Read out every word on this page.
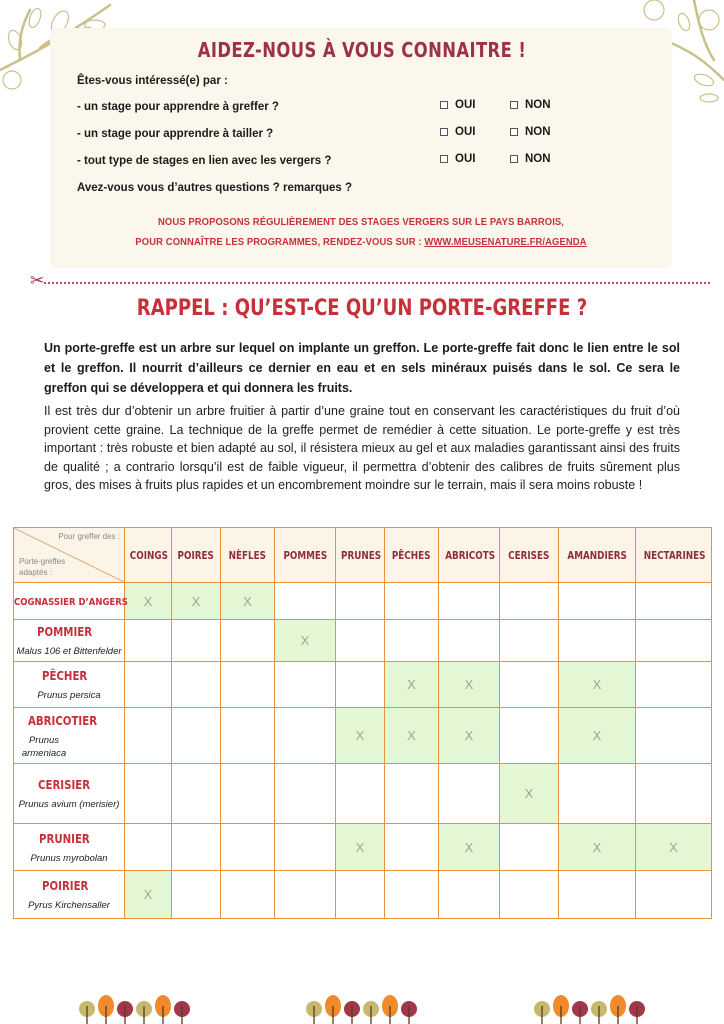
AIDEZ-NOUS À VOUS CONNAITRE !
Êtes-vous intéressé(e) par :
- un stage pour apprendre à greffer ?	OUI	NON
- un stage pour apprendre à tailler ?	OUI	NON
- tout type de stages en lien avec les vergers ?	OUI	NON
Avez-vous vous d’autres questions ? remarques ?
NOUS PROPOSONS RÉGULIÈREMENT DES STAGES VERGERS SUR LE PAYS BARROIS,
POUR CONNAÎTRE LES PROGRAMMES, RENDEZ-VOUS SUR : WWW.MEUSENATURE.FR/AGENDA
✂
RAPPEL : QU’EST-CE QU’UN PORTE-GREFFE ?
Un porte-greffe est un arbre sur lequel on implante un greffon. Le porte-greffe fait donc le lien entre le sol et le greffon. Il nourrit d’ailleurs ce dernier en eau et en sels minéraux puisés dans le sol. Ce sera le greffon qui se développera et qui donnera les fruits.
Il est très dur d’obtenir un arbre fruitier à partir d’une graine tout en conservant les caractéristiques du fruit d’où provient cette graine. La technique de la greffe permet de remédier à cette situation. Le porte-greffe y est très important : très robuste et bien adapté au sol, il résistera mieux au gel et aux maladies garantissant ainsi des fruits de qualité ; a contrario lorsqu’il est de faible vigueur, il permettra d’obtenir des calibres de fruits sûrement plus gros, des mises à fruits plus rapides et un encombrement moindre sur le terrain, mais il sera moins robuste !
Pour greffer des :
Porte-greffes
adaptés :	COINGS	POIRES	NÈFLES	POMMES	PRUNES	PÊCHES	ABRICOTS	CERISES	AMANDIERS	NECTARINES
COGNASSIER D’ANGERS	X	X	X							
POMMIER
Malus 106 et Bittenfelder				X						
PÊCHER
Prunus persica						X	X		X	
ABRICOTIER
Prunus armeniaca					X	X	X		X	
CERISIER
Prunus avium (merisier)								X		
PRUNIER
Prunus myrobolan					X		X		X	X
POIRIER
Pyrus Kirchensaller	X									
